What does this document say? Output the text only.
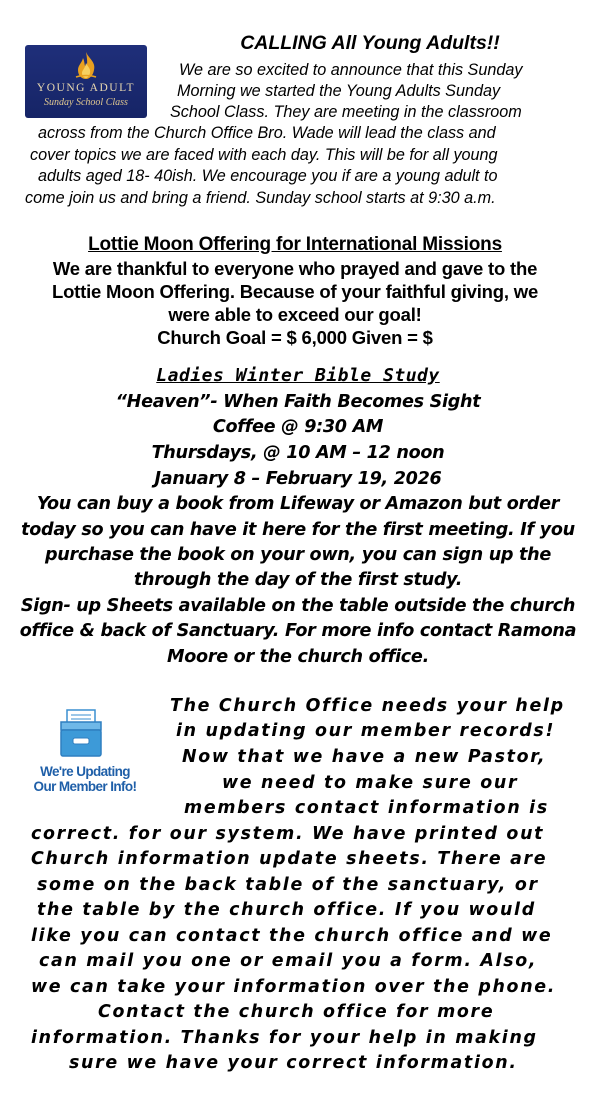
YOUNG ADULT
Sunday School Class
CALLING All Young Adults!!
We are so excited to announce that this Sunday
Morning we started the Young Adults Sunday
School Class. They are meeting in the classroom
across from the Church Office Bro. Wade will lead the class and
cover topics we are faced with each day. This will be for all young
adults aged 18- 40ish. We encourage you if are a young adult to
come join us and bring a friend. Sunday school starts at 9:30 a.m.
Lottie Moon Offering for International Missions
We are thankful to everyone who prayed and gave to the
Lottie Moon Offering. Because of your faithful giving, we
were able to exceed our goal!
Church Goal = $ 6,000 Given = $
Ladies Winter Bible Study
“Heaven”- When Faith Becomes Sight
Coffee @ 9:30 AM
Thursdays, @ 10 AM – 12 noon
January 8 – February 19, 2026
You can buy a book from Lifeway or Amazon but order
today so you can have it here for the first meeting. If you
purchase the book on your own, you can sign up the
through the day of the first study.
Sign- up Sheets available on the table outside the church
office & back of Sanctuary. For more info contact Ramona
Moore or the church office.
We're Updating
Our Member Info!
The Church Office needs your help
in updating our member records!
Now that we have a new Pastor,
we need to make sure our
members contact information is
correct. for our system. We have printed out
Church information update sheets. There are
some on the back table of the sanctuary, or
the table by the church office. If you would
like you can contact the church office and we
can mail you one or email you a form. Also,
we can take your information over the phone.
Contact the church office for more
information. Thanks for your help in making
sure we have your correct information.
